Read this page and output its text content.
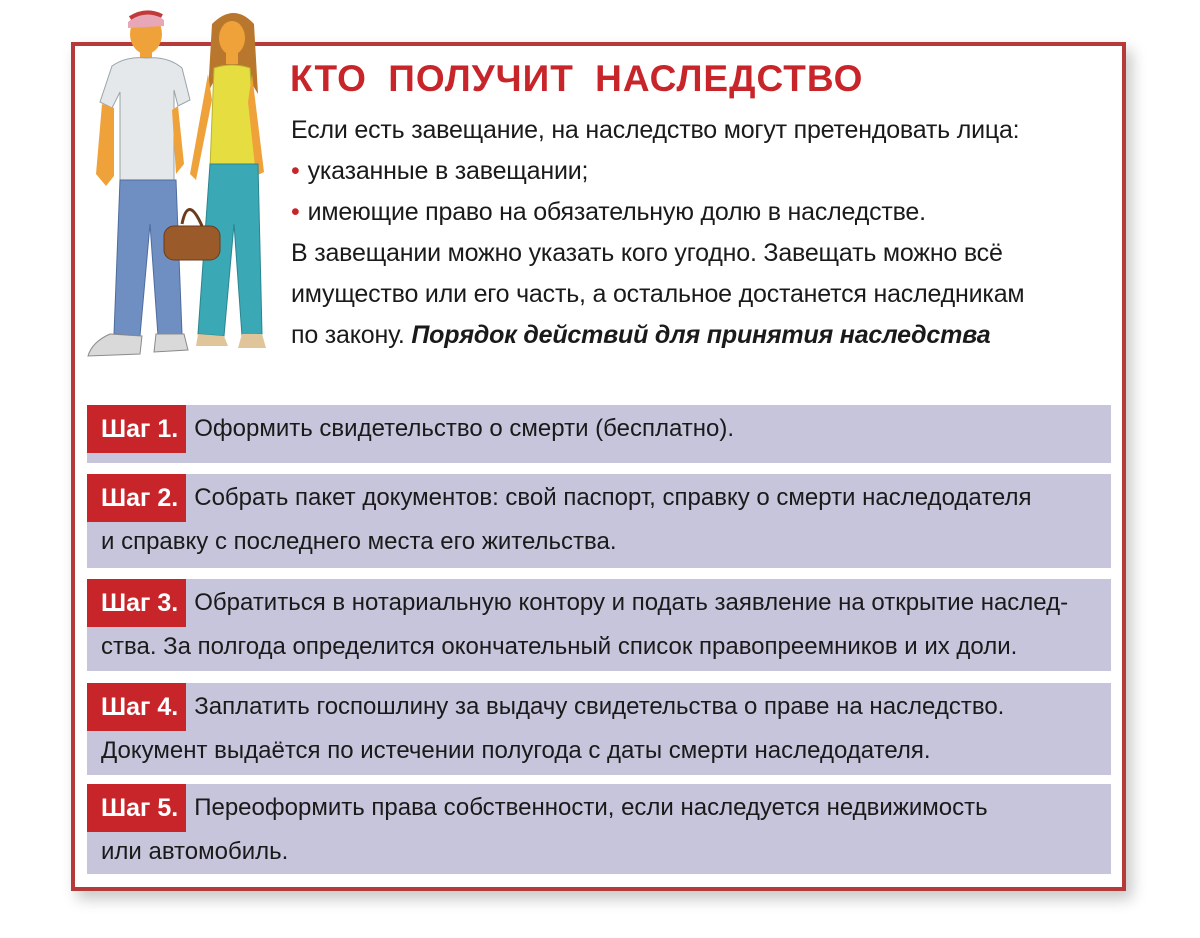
КТО ПОЛУЧИТ НАСЛЕДСТВО

Если есть завещание, на наследство могут претендовать лица:

• указанные в завещании;

• имеющие право на обязательную долю в наследстве.

В завещании можно указать кого угодно. Завещать можно всё

имущество или его часть, а остальное достанется наследникам

по закону.

Порядок действий для принятия наследства

Шаг 1. Оформить свидетельство о смерти (бесплатно).
Шаг 2. Собрать пакет документов: свой паспорт, справку о смерти наследодателя
и справку с последнего места его жительства.
Шаг 3. Обратиться в нотариальную контору и подать заявление на открытие наслед-
ства. За полгода определится окончательный список правопреемников и их доли.
Шаг 4. Заплатить госпошлину за выдачу свидетельства о праве на наследство.
Документ выдаётся по истечении полугода с даты смерти наследодателя.
Шаг 5. Переоформить права собственности, если наследуется недвижимость
или автомобиль.
